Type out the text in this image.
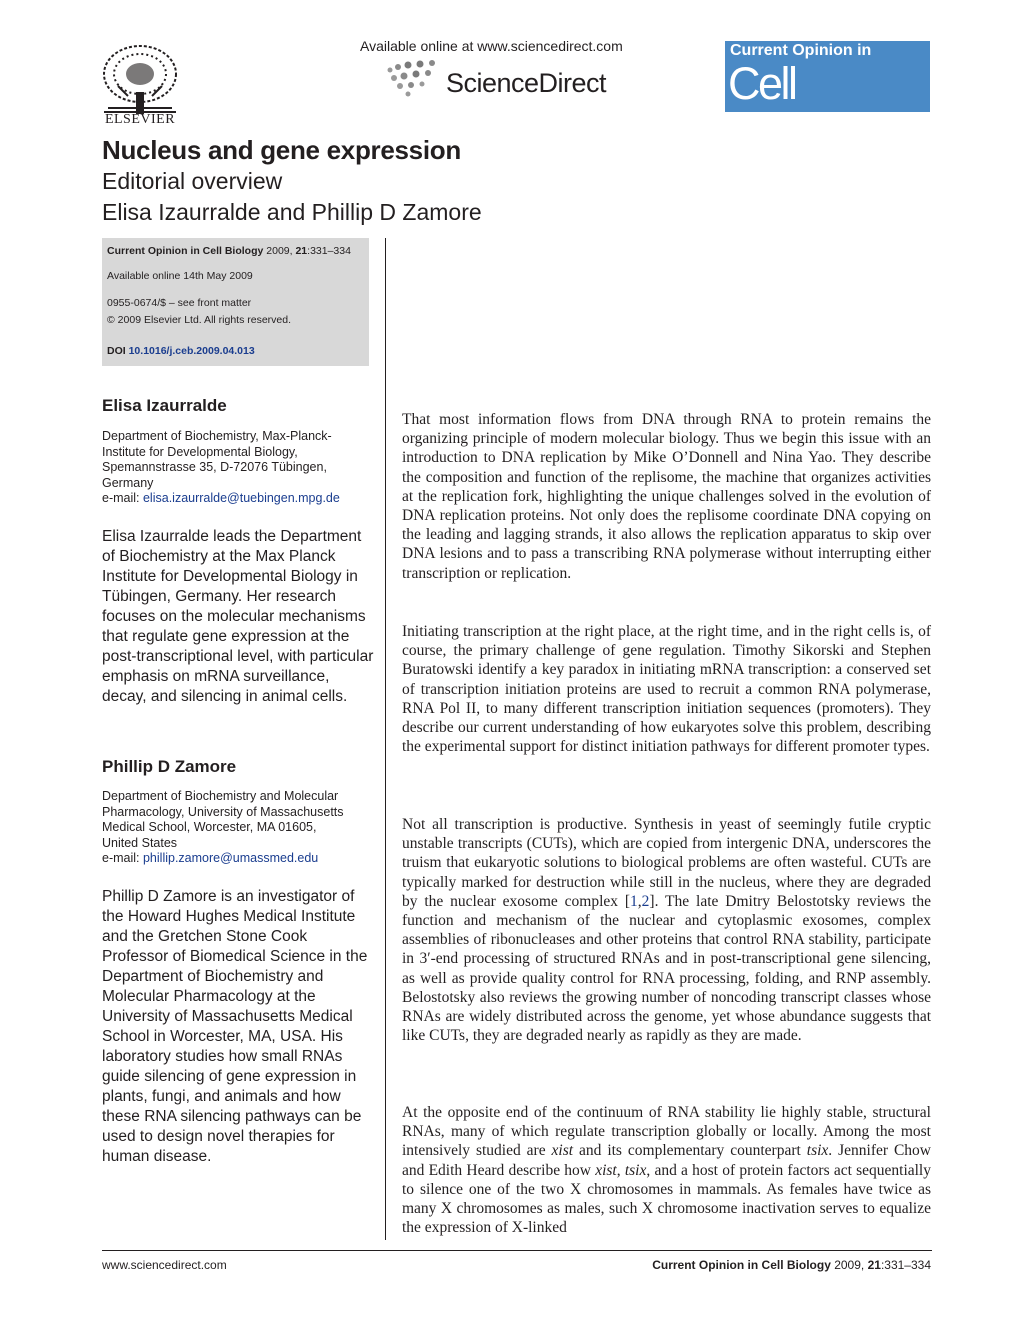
ELSEVIER
Available online at www.sciencedirect.com
ScienceDirect
Current Opinion in
Cell Biology
Nucleus and gene expression
Editorial overview
Elisa Izaurralde and Phillip D Zamore
Current Opinion in Cell Biology 2009, 21:331–334
Available online 14th May 2009
0955-0674/$ – see front matter
© 2009 Elsevier Ltd. All rights reserved.
DOI 10.1016/j.ceb.2009.04.013
Elisa Izaurralde
Department of Biochemistry, Max-Planck-
Institute for Developmental Biology,
Spemannstrasse 35, D-72076 Tübingen,
Germany
e-mail: elisa.izaurralde@tuebingen.mpg.de
Elisa Izaurralde leads the Department of Biochemistry at the Max Planck Institute for Developmental Biology in Tübingen, Germany. Her research focuses on the molecular mechanisms that regulate gene expression at the post-transcriptional level, with particular emphasis on mRNA surveillance, decay, and silencing in animal cells.
Phillip D Zamore
Department of Biochemistry and Molecular
Pharmacology, University of Massachusetts
Medical School, Worcester, MA 01605,
United States
e-mail: phillip.zamore@umassmed.edu
Phillip D Zamore is an investigator of the Howard Hughes Medical Institute and the Gretchen Stone Cook Professor of Biomedical Science in the Department of Biochemistry and Molecular Pharmacology at the University of Massachusetts Medical School in Worcester, MA, USA. His laboratory studies how small RNAs guide silencing of gene expression in plants, fungi, and animals and how these RNA silencing pathways can be used to design novel therapies for human disease.
That most information flows from DNA through RNA to protein remains the organizing principle of modern molecular biology. Thus we begin this issue with an introduction to DNA replication by Mike O’Donnell and Nina Yao. They describe the composition and function of the replisome, the machine that organizes activities at the replication fork, highlighting the unique challenges solved in the evolution of DNA replication proteins. Not only does the replisome coordinate DNA copying on the leading and lagging strands, it also allows the replication apparatus to skip over DNA lesions and to pass a transcribing RNA polymerase without interrupting either transcription or replication.
Initiating transcription at the right place, at the right time, and in the right cells is, of course, the primary challenge of gene regulation. Timothy Sikorski and Stephen Buratowski identify a key paradox in initiating mRNA transcription: a conserved set of transcription initiation proteins are used to recruit a common RNA polymerase, RNA Pol II, to many different transcription initiation sequences (promoters). They describe our current understanding of how eukaryotes solve this problem, describing the experimental support for distinct initiation pathways for different promoter types.
Not all transcription is productive. Synthesis in yeast of seemingly futile cryptic unstable transcripts (CUTs), which are copied from intergenic DNA, underscores the truism that eukaryotic solutions to biological problems are often wasteful. CUTs are typically marked for destruction while still in the nucleus, where they are degraded by the nuclear exosome complex [1,2]. The late Dmitry Belostotsky reviews the function and mechanism of the nuclear and cytoplasmic exosomes, complex assemblies of ribonucleases and other proteins that control RNA stability, participate in 3′-end processing of structured RNAs and in post-transcriptional gene silencing, as well as provide quality control for RNA processing, folding, and RNP assembly. Belostotsky also reviews the growing number of noncoding transcript classes whose RNAs are widely distributed across the genome, yet whose abundance suggests that like CUTs, they are degraded nearly as rapidly as they are made.
At the opposite end of the continuum of RNA stability lie highly stable, structural RNAs, many of which regulate transcription globally or locally. Among the most intensively studied are xist and its complementary counterpart tsix. Jennifer Chow and Edith Heard describe how xist, tsix, and a host of protein factors act sequentially to silence one of the two X chromosomes in mammals. As females have twice as many X chromosomes as males, such X chromosome inactivation serves to equalize the expression of X-linked
www.sciencedirect.com	Current Opinion in Cell Biology 2009, 21:331–334
